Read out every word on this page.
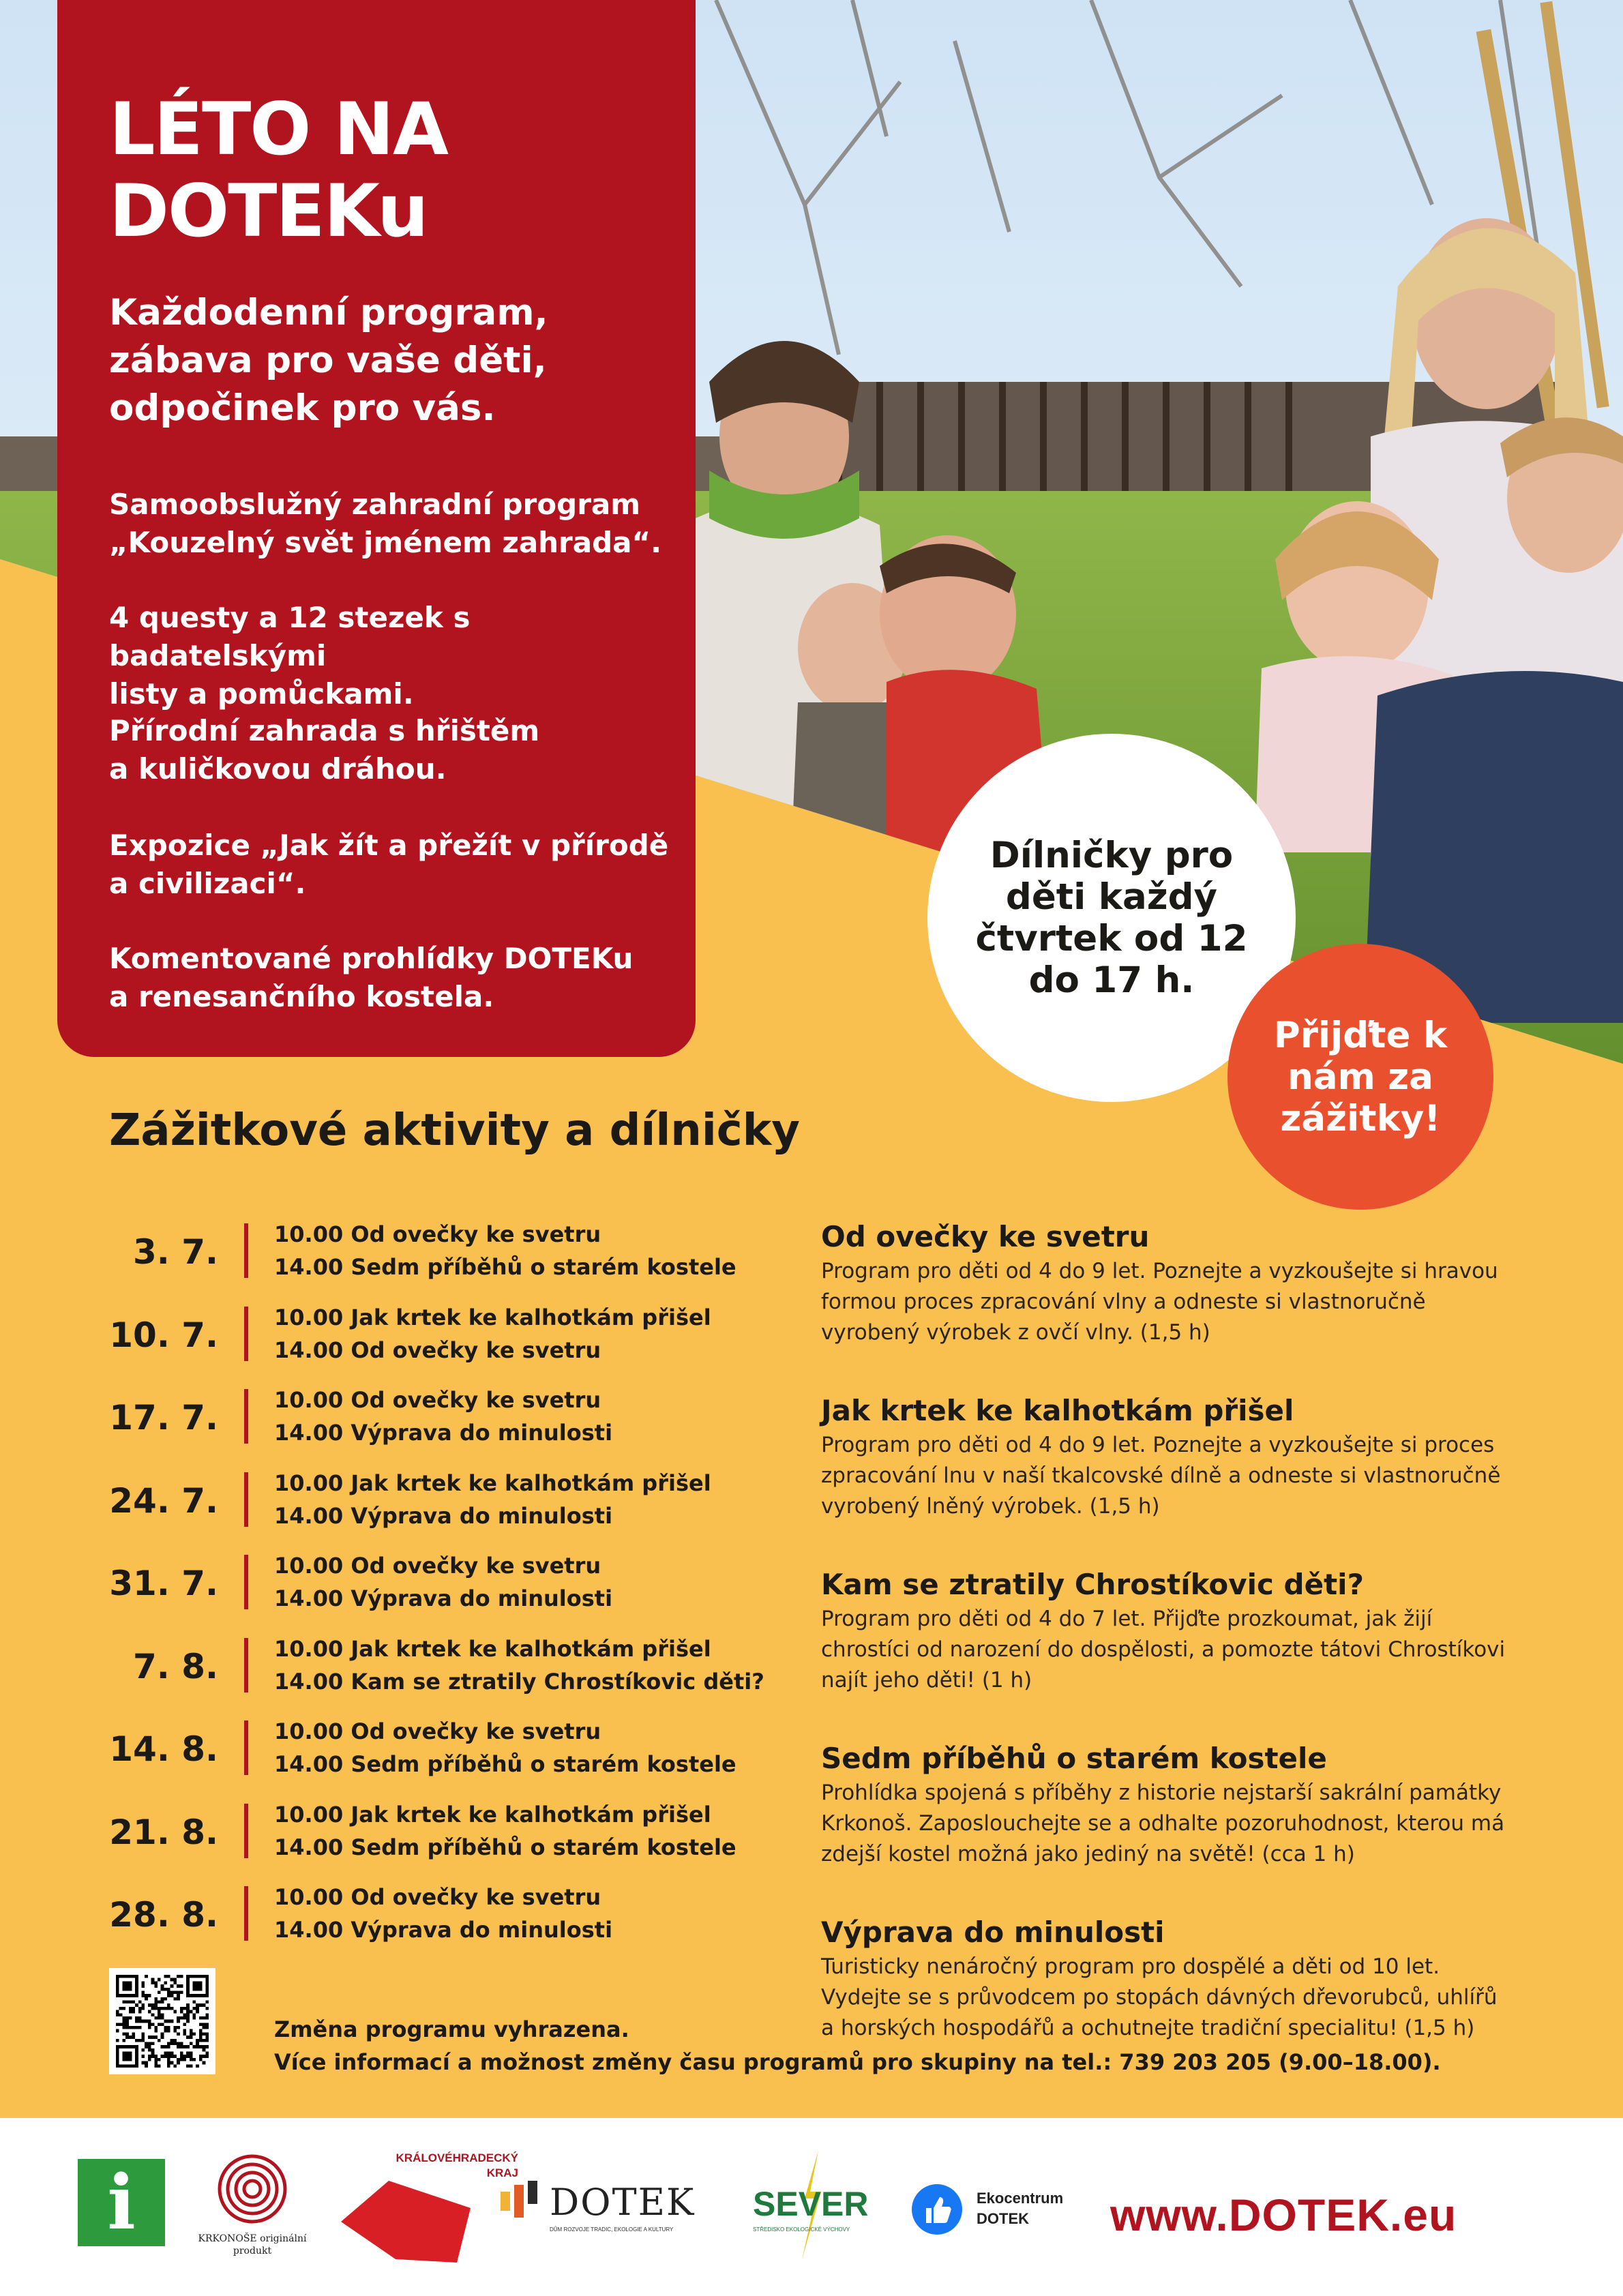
LÉTO NA
DOTEKu
Každodenní program,
zábava pro vaše děti,
odpočinek pro vás.
Samoobslužný zahradní program
„Kouzelný svět jménem zahrada“.
4 questy a 12 stezek s badatelskými
listy a pomůckami.
Přírodní zahrada s hřištěm
a kuličkovou dráhou.
Expozice „Jak žít a přežít v přírodě
a civilizaci“.
Komentované prohlídky DOTEKu
a renesančního kostela.
Dílničky pro děti každý čtvrtek od 12 do 17 h.
Přijďte k nám za zážitky!
Zážitkové aktivity a dílničky
3. 7.	10.00 Od ovečky ke svetru
14.00 Sedm příběhů o starém kostele
10. 7.	10.00 Jak krtek ke kalhotkám přišel
14.00 Od ovečky ke svetru
17. 7.	10.00 Od ovečky ke svetru
14.00 Výprava do minulosti
24. 7.	10.00 Jak krtek ke kalhotkám přišel
14.00 Výprava do minulosti
31. 7.	10.00 Od ovečky ke svetru
14.00 Výprava do minulosti
7. 8.	10.00 Jak krtek ke kalhotkám přišel
14.00 Kam se ztratily Chrostíkovic děti?
14. 8.	10.00 Od ovečky ke svetru
14.00 Sedm příběhů o starém kostele
21. 8.	10.00 Jak krtek ke kalhotkám přišel
14.00 Sedm příběhů o starém kostele
28. 8.	10.00 Od ovečky ke svetru
14.00 Výprava do minulosti
Od ovečky ke svetru
Program pro děti od 4 do 9 let. Poznejte a vyzkoušejte si hravou
formou proces zpracování vlny a odneste si vlastnoručně
vyrobený výrobek z ovčí vlny. (1,5 h)
Jak krtek ke kalhotkám přišel
Program pro děti od 4 do 9 let. Poznejte a vyzkoušejte si proces
zpracování lnu v naší tkalcovské dílně a odneste si vlastnoručně
vyrobený lněný výrobek. (1,5 h)
Kam se ztratily Chrostíkovic děti?
Program pro děti od 4 do 7 let. Přijďte prozkoumat, jak žijí
chrostíci od narození do dospělosti, a pomozte tátovi Chrostíkovi
najít jeho děti! (1 h)
Sedm příběhů o starém kostele
Prohlídka spojená s příběhy z historie nejstarší sakrální památky
Krkonoš. Zaposlouchejte se a odhalte pozoruhodnost, kterou má
zdejší kostel možná jako jediný na světě! (cca 1 h)
Výprava do minulosti
Turisticky nenáročný program pro dospělé a děti od 10 let.
Vydejte se s průvodcem po stopách dávných dřevorubců, uhlířů
a horských hospodářů a ochutnejte tradiční specialitu! (1,5 h)
Změna programu vyhrazena.
Více informací a možnost změny času programů pro skupiny na tel.: 739 203 205 (9.00–18.00).
i	KRKONOŠE originální produkt
KRÁLOVÉHRADECKÝ
KRAJ
DOTEK
DŮM ROZVOJE TRADIC, EKOLOGIE A KULTURY
SEVER
STŘEDISKO EKOLOGICKÉ VÝCHOVY
Ekocentrum
DOTEK www.DOTEK.eu
